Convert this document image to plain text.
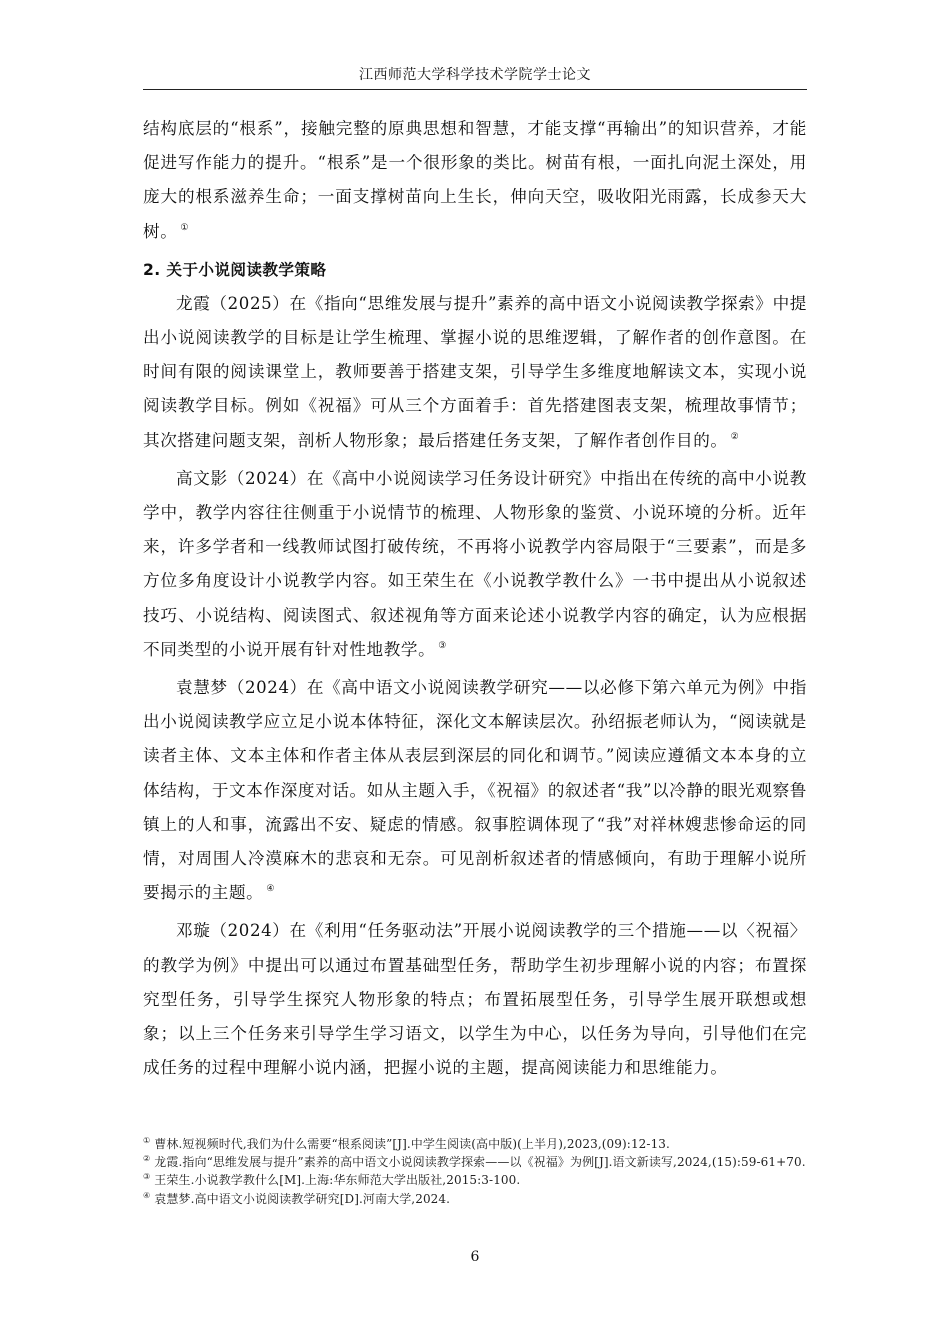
江西师范大学科学技术学院学士论文

结构底层的“根系”，接触完整的原典思想和智慧，才能支撑“再输出”的知识营养，才能促进写作能力的提升。“根系”是一个很形象的类比。树苗有根，一面扎向泥土深处，用庞大的根系滋养生命；一面支撑树苗向上生长，伸向天空，吸收阳光雨露，长成参天大树。 ①

2. 关于小说阅读教学策略

龙霞（2025）在《指向“思维发展与提升”素养的高中语文小说阅读教学探索》中提出小说阅读教学的目标是让学生梳理、掌握小说的思维逻辑，了解作者的创作意图。在时间有限的阅读课堂上，教师要善于搭建支架，引导学生多维度地解读文本，实现小说阅读教学目标。例如《祝福》可从三个方面着手：首先搭建图表支架，梳理故事情节；其次搭建问题支架，剖析人物形象；最后搭建任务支架，了解作者创作目的。 ②

高文影（2024）在《高中小说阅读学习任务设计研究》中指出在传统的高中小说教学中，教学内容往往侧重于小说情节的梳理、人物形象的鉴赏、小说环境的分析。近年来，许多学者和一线教师试图打破传统，不再将小说教学内容局限于“三要素”，而是多方位多角度设计小说教学内容。如王荣生在《小说教学教什么》一书中提出从小说叙述技巧、小说结构、阅读图式、叙述视角等方面来论述小说教学内容的确定，认为应根据不同类型的小说开展有针对性地教学。 ③

袁慧梦（2024）在《高中语文小说阅读教学研究——以必修下第六单元为例》中指出小说阅读教学应立足小说本体特征，深化文本解读层次。孙绍振老师认为，“阅读就是读者主体、文本主体和作者主体从表层到深层的同化和调节。”阅读应遵循文本本身的立体结构，于文本作深度对话。如从主题入手，《祝福》的叙述者“我”以冷静的眼光观察鲁镇上的人和事，流露出不安、疑虑的情感。叙事腔调体现了“我”对祥林嫂悲惨命运的同情，对周围人冷漠麻木的悲哀和无奈。可见剖析叙述者的情感倾向，有助于理解小说所要揭示的主题。 ④

邓璇（2024）在《利用“任务驱动法”开展小说阅读教学的三个措施——以〈祝福〉的教学为例》中提出可以通过布置基础型任务，帮助学生初步理解小说的内容；布置探究型任务，引导学生探究人物形象的特点；布置拓展型任务，引导学生展开联想或想象；以上三个任务来引导学生学习语文，以学生为中心，以任务为导向，引导他们在完成任务的过程中理解小说内涵，把握小说的主题，提高阅读能力和思维能力。

① 曹林.短视频时代,我们为什么需要“根系阅读”[J].中学生阅读(高中版)(上半月),2023,(09):12-13.

② 龙霞.指向“思维发展与提升”素养的高中语文小说阅读教学探索——以《祝福》为例[J].语文新读写,2024,(15):59-61+70.

③ 王荣生.小说教学教什么[M].上海:华东师范大学出版社,2015:3-100.

④ 袁慧梦.高中语文小说阅读教学研究[D].河南大学,2024.

6
